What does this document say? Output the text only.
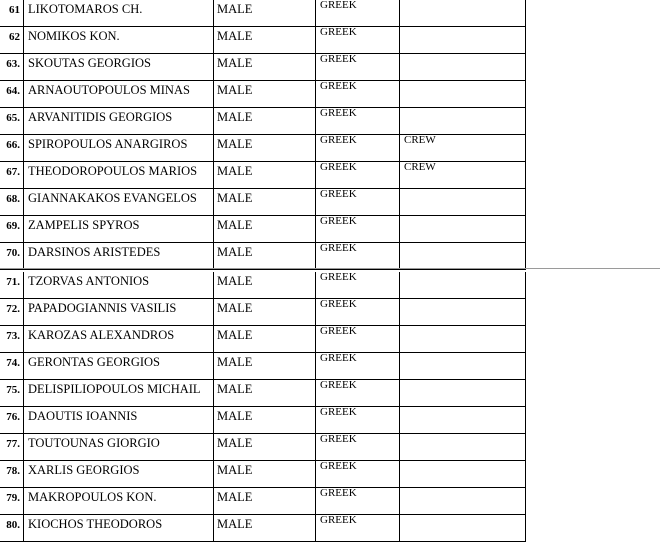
61 LIKOTOMAROS CH.	MALE	GREEK
62 NOMIKOS KON.	MALE	GREEK
63. SKOUTAS GEORGIOS	MALE	GREEK
64. ARNAOUTOPOULOS MINAS	MALE	GREEK
65. ARVANITIDIS GEORGIOS	MALE	GREEK
66. SPIROPOULOS ANARGIROS	MALE	GREEK	CREW
67. THEODOROPOULOS MARIOS	MALE	GREEK	CREW
68. GIANNAKAKOS EVANGELOS	MALE	GREEK
69. ZAMPELIS SPYROS	MALE	GREEK
70. DARSINOS ARISTEDES	MALE	GREEK
71. TZORVAS ANTONIOS	MALE	GREEK
72. PAPADOGIANNIS VASILIS	MALE	GREEK
73. KAROZAS ALEXANDROS	MALE	GREEK
74. GERONTAS GEORGIOS	MALE	GREEK
75. DELISPILIOPOULOS MICHAIL	MALE	GREEK
76. DAOUTIS IOANNIS	MALE	GREEK
77. TOUTOUNAS GIORGIO	MALE	GREEK
78. XARLIS GEORGIOS	MALE	GREEK
79. MAKROPOULOS KON.	MALE	GREEK
80. KIOCHOS THEODOROS	MALE	GREEK
